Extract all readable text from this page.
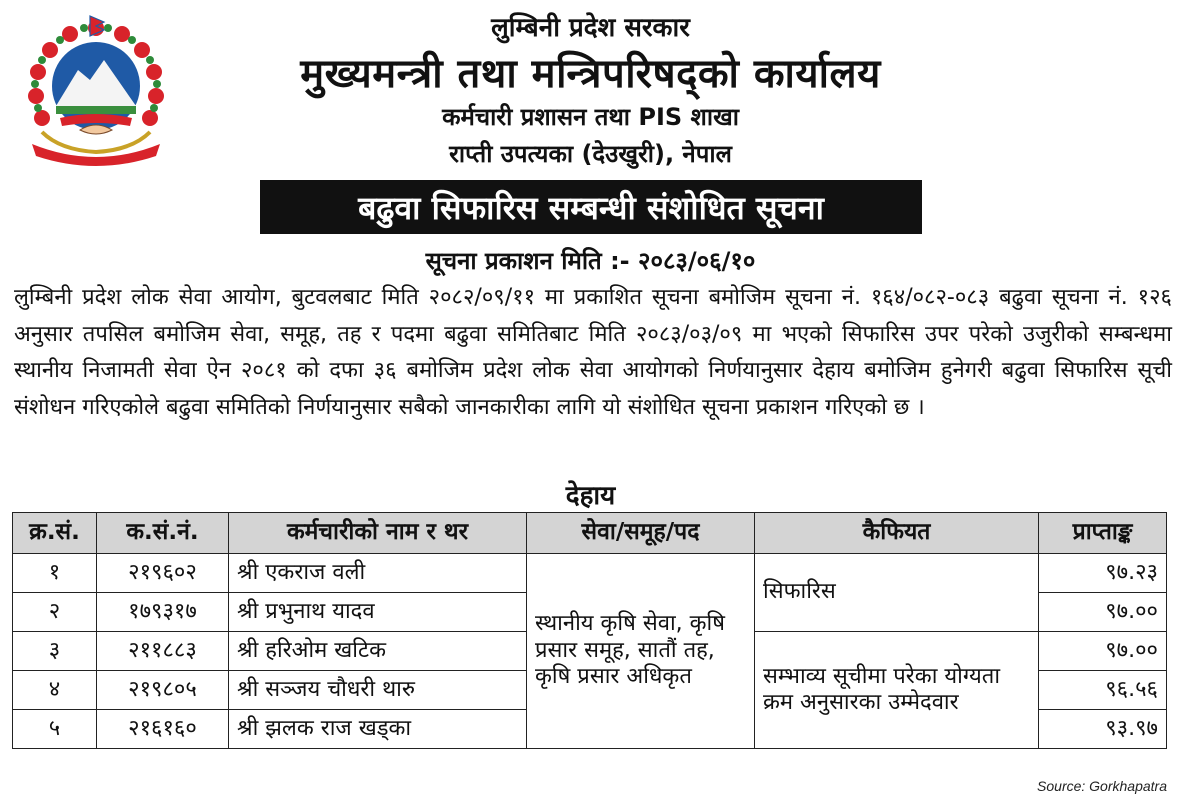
लुम्बिनी प्रदेश सरकार
मुख्यमन्त्री तथा मन्त्रिपरिषद्को कार्यालय
कर्मचारी प्रशासन तथा PIS शाखा
राप्ती उपत्यका (देउखुरी), नेपाल
बढुवा सिफारिस सम्बन्धी संशोधित सूचना
सूचना प्रकाशन मिति :- २०८३/०६/१०
लुम्बिनी प्रदेश लोक सेवा आयोग, बुटवलबाट मिति २०८२/०९/११ मा प्रकाशित सूचना बमोजिम सूचना नं. १६४/०८२-०८३ बढुवा सूचना नं. १२६ अनुसार तपसिल बमोजिम सेवा, समूह, तह र पदमा बढुवा समितिबाट मिति २०८३/०३/०९ मा भएको सिफारिस उपर परेको उजुरीको सम्बन्धमा स्थानीय निजामती सेवा ऐन २०८१ को दफा ३६ बमोजिम प्रदेश लोक सेवा आयोगको निर्णयानुसार देहाय बमोजिम हुनेगरी बढुवा सिफारिस सूची संशोधन गरिएकोले बढुवा समितिको निर्णयानुसार सबैको जानकारीका लागि यो संशोधित सूचना प्रकाशन गरिएको छ ।
देहाय
क्र.सं.	क.सं.नं.	कर्मचारीको नाम र थर	सेवा/समूह/पद	कैफियत	प्राप्ताङ्क
१	२१९६०२	श्री एकराज वली	स्थानीय कृषि सेवा, कृषि प्रसार समूह, सातौं तह, कृषि प्रसार अधिकृत	सिफारिस	९७.२३
२	१७९३१७	श्री प्रभुनाथ यादव			९७.००
३	२११८८३	श्री हरिओम खटिक		सम्भाव्य सूचीमा परेका योग्यता क्रम अनुसारका उम्मेदवार	९७.००
४	२१९८०५	श्री सञ्जय चौधरी थारु			९६.५६
५	२१६१६०	श्री झलक राज खड्का			९३.९७
Source: Gorkhapatra
